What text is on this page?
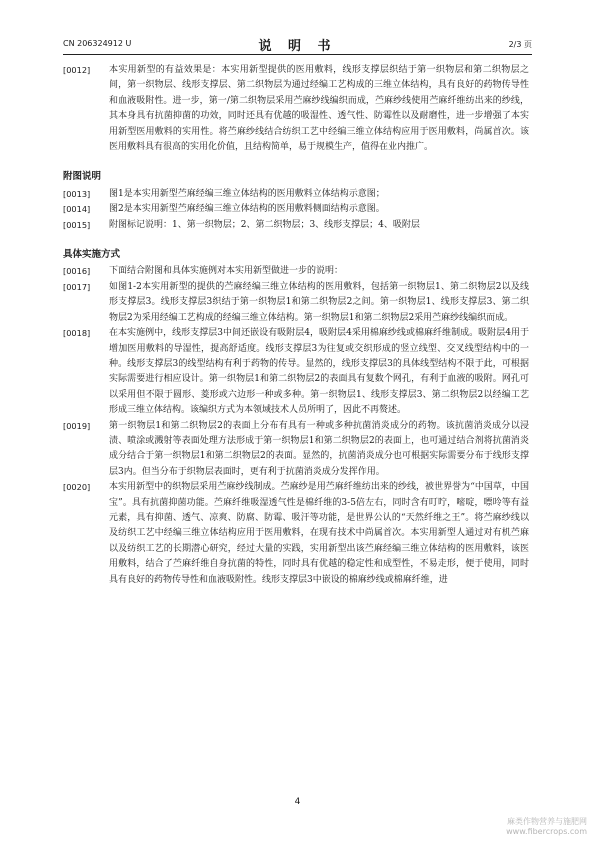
CN 206324912 U	说 明 书	2/3 页
[0012] 本实用新型的有益效果是：本实用新型提供的医用敷料，线形支撑层织结于第一织物层和第二织物层之间，第一织物层、线形支撑层、第二织物层为通过经编工艺构成的三维立体结构，具有良好的药物传导性和血液吸附性。进一步，第一/第二织物层采用苎麻纱线编织而成，苎麻纱线使用苎麻纤维纺出来的纱线，其本身具有抗菌抑菌的功效，同时还具有优越的吸湿性、透气性、防霉性以及耐磨性，进一步增强了本实用新型医用敷料的实用性。将苎麻纱线结合纺织工艺中经编三维立体结构应用于医用敷料，尚属首次。该医用敷料具有很高的实用化价值，且结构简单，易于规模生产，值得在业内推广。
附图说明
[0013] 图1是本实用新型苎麻经编三维立体结构的医用敷料立体结构示意图；
[0014] 图2是本实用新型苎麻经编三维立体结构的医用敷料侧面结构示意图。
[0015] 附图标记说明：1、第一织物层；2、第二织物层；3、线形支撑层；4、吸附层
具体实施方式
[0016] 下面结合附图和具体实施例对本实用新型做进一步的说明：
[0017] 如图1-2本实用新型的提供的苎麻经编三维立体结构的医用敷料，包括第一织物层1、第二织物层2以及线形支撑层3。线形支撑层3织结于第一织物层1和第二织物层2之间。第一织物层1、线形支撑层3、第二织物层2为采用经编工艺构成的经编三维立体结构。第一织物层1和第二织物层2采用苎麻纱线编织而成。
[0018] 在本实施例中，线形支撑层3中间还嵌设有吸附层4，吸附层4采用棉麻纱线或棉麻纤维制成。吸附层4用于增加医用敷料的导湿性，提高舒适度。线形支撑层3为往复或交织形成的竖立线型、交叉线型结构中的一种。线形支撑层3的线型结构有利于药物的传导。显然的，线形支撑层3的具体线型结构不限于此，可根据实际需要进行相应设计。第一织物层1和第二织物层2的表面具有复数个网孔，有利于血液的吸附。网孔可以采用但不限于圆形、菱形或六边形一种或多种。第一织物层1、线形支撑层3、第二织物层2以经编工艺形成三维立体结构。该编织方式为本领域技术人员所明了，因此不再赘述。
[0019] 第一织物层1和第二织物层2的表面上分布有具有一种或多种抗菌消炎成分的药物。该抗菌消炎成分以浸渍、喷涂或溅射等表面处理方法形成于第一织物层1和第二织物层2的表面上，也可通过结合剂将抗菌消炎成分结合于第一织物层1和第二织物层2的表面。显然的，抗菌消炎成分也可根据实际需要分布于线形支撑层3内。但当分布于织物层表面时，更有利于抗菌消炎成分发挥作用。
[0020] 本实用新型中的织物层采用苎麻纱线制成。苎麻纱是用苎麻纤维纺出来的纱线，被世界誉为“中国草，中国宝”。具有抗菌抑菌功能。苎麻纤维吸湿透气性是棉纤维的3-5倍左右，同时含有叮咛，嘧啶，嘌呤等有益元素，具有抑菌、透气、凉爽、防腐、防霉、吸汗等功能，是世界公认的“天然纤维之王”。将苎麻纱线以及纺织工艺中经编三维立体结构应用于医用敷料，在现有技术中尚属首次。本实用新型人通过对有机苎麻以及纺织工艺的长期潜心研究，经过大量的实践，实用新型出该苎麻经编三维立体结构的医用敷料，该医用敷料，结合了苎麻纤维自身抗菌的特性，同时具有优越的稳定性和成型性，不易走形，便于使用，同时具有良好的药物传导性和血液吸附性。线形支撑层3中嵌设的棉麻纱线或棉麻纤维，进
4
麻类作物营养与施肥网
www.fibercrops.com
